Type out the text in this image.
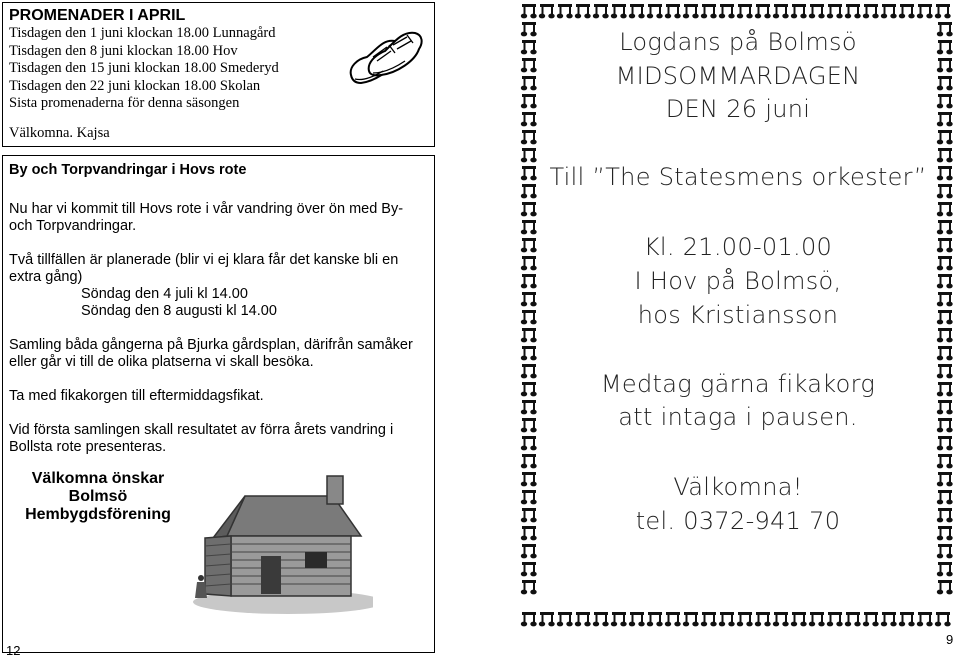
PROMENADER I APRIL
Tisdagen den 1 juni klockan 18.00 Lunnagård
Tisdagen den 8 juni klockan 18.00 Hov
Tisdagen den 15 juni klockan 18.00 Smederyd
Tisdagen den 22 juni klockan 18.00 Skolan
Sista promenaderna för denna säsongen
Välkomna. Kajsa

By och Torpvandringar i Hovs rote

Nu har vi kommit till Hovs rote i vår vandring över ön med By- och Torpvandringar.

Två tillfällen är planerade (blir vi ej klara får det kanske bli en extra gång)

Söndag den 4 juli kl 14.00

Söndag den 8 augusti kl 14.00

Samling båda gångerna på Bjurka gårdsplan, därifrån samåker eller går vi till de olika platserna vi skall besöka.

Ta med fikakorgen till eftermiddagsfikat.

Vid första samlingen skall resultatet av förra årets vandring i Bollsta rote presenteras.

Välkomna önskar
Bolmsö
Hembygdsförening
12
Logdans på Bolmsö
MIDSOMMARDAGEN
DEN 26 juni
Till ”The Statesmens orkester”
Kl. 21.00-01.00
I Hov på Bolmsö,
hos Kristiansson
Medtag gärna fikakorg
att intaga i pausen.
Välkomna!
tel. 0372-941 70
9
